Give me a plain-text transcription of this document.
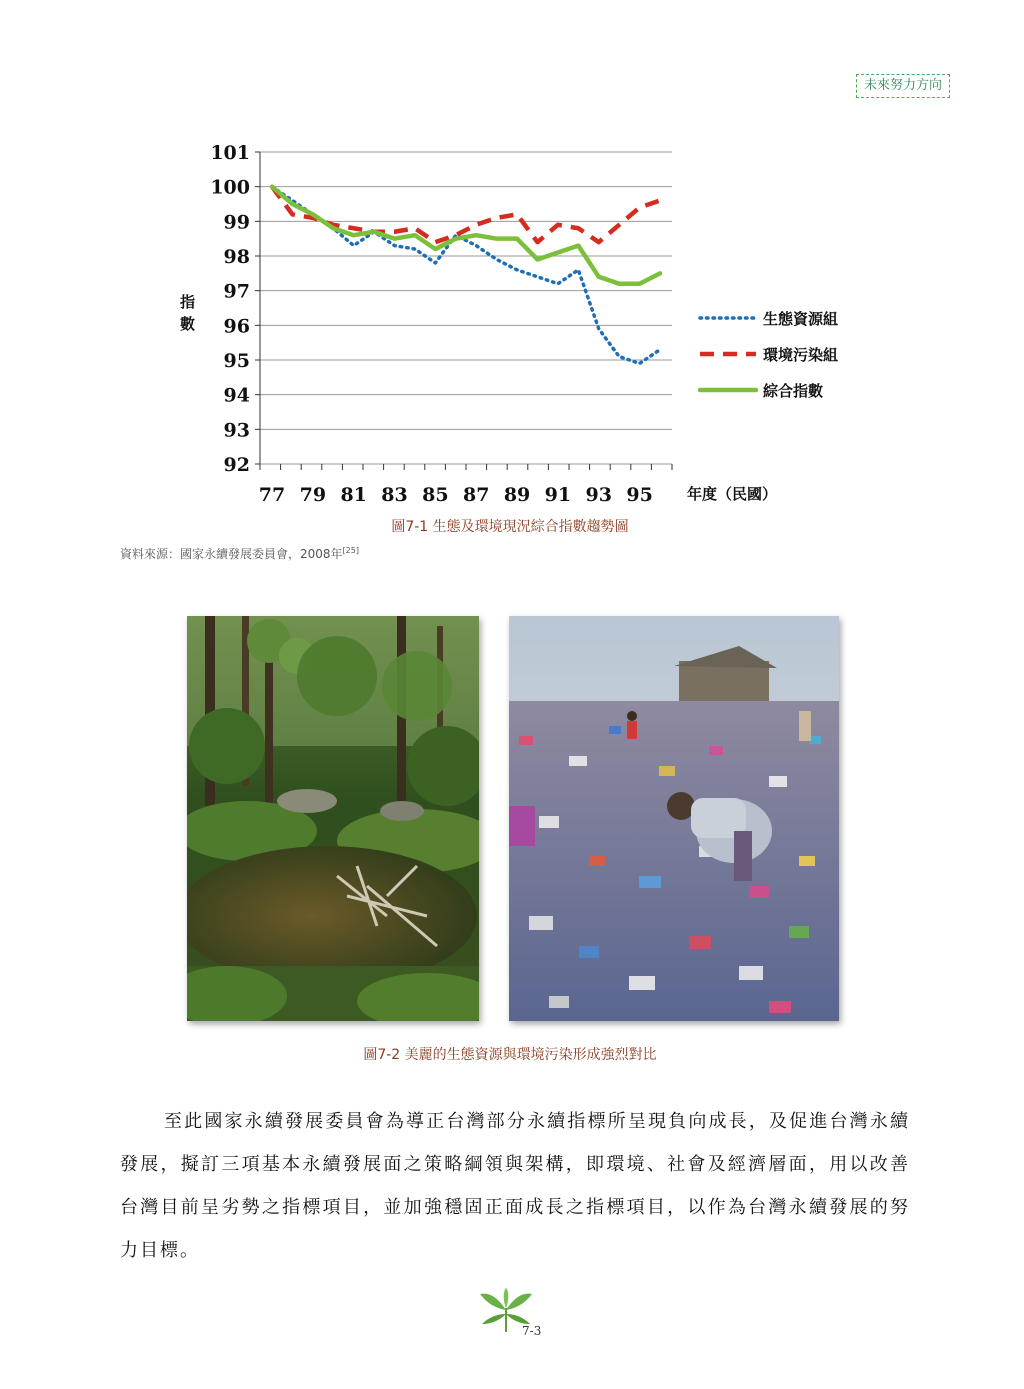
未來努力方向
92
93
94
95
96
97
98
99
100
101
77 79 81 83 85 87 89 91 93 95
生態資源組
環境污染組
綜合指數
指
數
年度（民國）
圖7-1 生態及環境現況綜合指數趨勢圖
資料來源：國家永續發展委員會，2008年[25]
圖7-2 美麗的生態資源與環境污染形成強烈對比
至此國家永續發展委員會為導正台灣部分永續指標所呈現負向成長，及促進台灣永續發展，擬訂三項基本永續發展面之策略綱領與架構，即環境、社會及經濟層面，用以改善台灣目前呈劣勢之指標項目，並加強穩固正面成長之指標項目，以作為台灣永續發展的努力目標。
7-3
